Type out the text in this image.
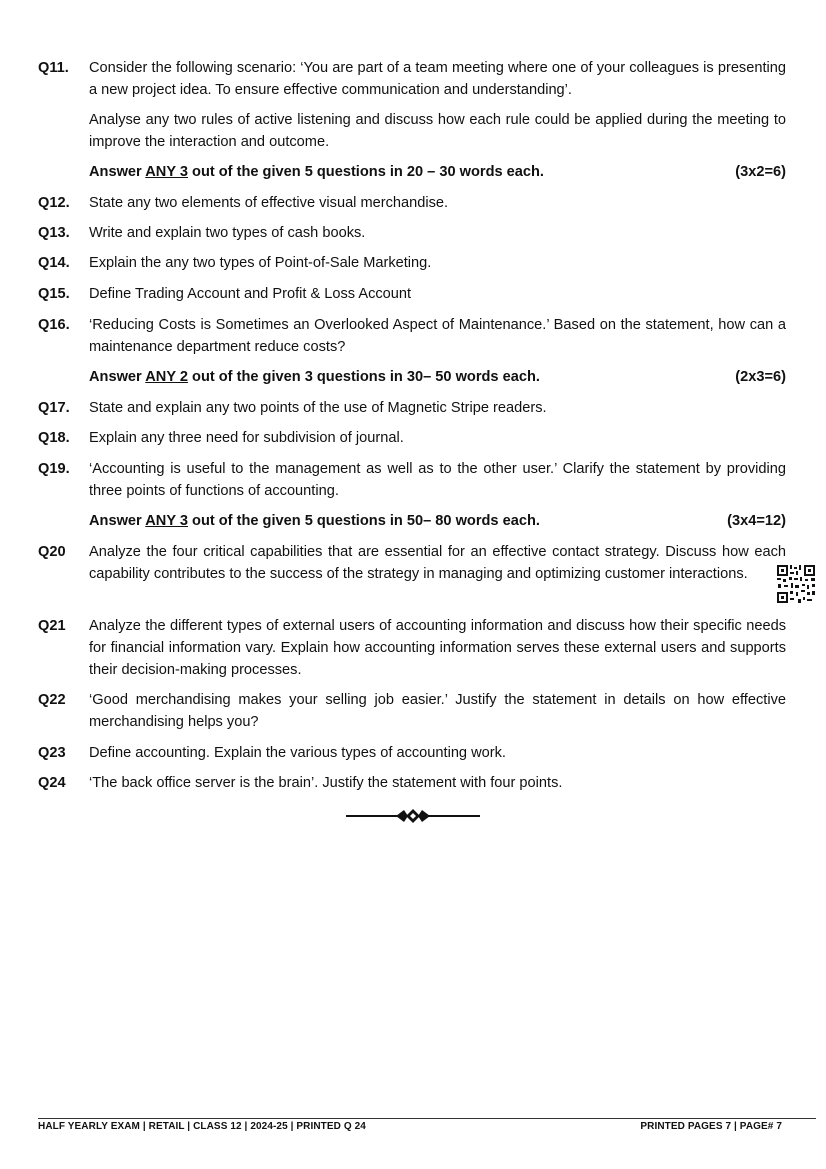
Q11.	Consider the following scenario: ‘You are part of a team meeting where one of your colleagues is presenting a new project idea. To ensure effective communication and understanding’.
Analyse any two rules of active listening and discuss how each rule could be applied during the meeting to improve the interaction and outcome.
Answer ANY 3 out of the given 5 questions in 20 – 30 words each.	(3x2=6)
Q12.	State any two elements of effective visual merchandise.
Q13.	Write and explain two types of cash books.
Q14.	Explain the any two types of Point-of-Sale Marketing.
Q15.	Define Trading Account and Profit & Loss Account
Q16.	‘Reducing Costs is Sometimes an Overlooked Aspect of Maintenance.’ Based on the statement, how can a maintenance department reduce costs?
Answer ANY 2 out of the given 3 questions in 30– 50 words each.	(2x3=6)
Q17.	State and explain any two points of the use of Magnetic Stripe readers.
Q18.	Explain any three need for subdivision of journal.
Q19.	‘Accounting is useful to the management as well as to the other user.’ Clarify the statement by providing three points of functions of accounting.
Answer ANY 3 out of the given 5 questions in 50– 80 words each.	(3x4=12)
Q20	Analyze the four critical capabilities that are essential for an effective contact strategy. Discuss how each capability contributes to the success of the strategy in managing and optimizing customer interactions.
Q21	Analyze the different types of external users of accounting information and discuss how their specific needs for financial information vary. Explain how accounting information serves these external users and supports their decision-making processes.
Q22	‘Good merchandising makes your selling job easier.’ Justify the statement in details on how effective merchandising helps you?
Q23	Define accounting. Explain the various types of accounting work.
Q24	‘The back office server is the brain’. Justify the statement with four points.
HALF YEARLY EXAM | RETAIL | CLASS 12 | 2024-25 | PRINTED Q 24	PRINTED PAGES 7 | PAGE# 7
